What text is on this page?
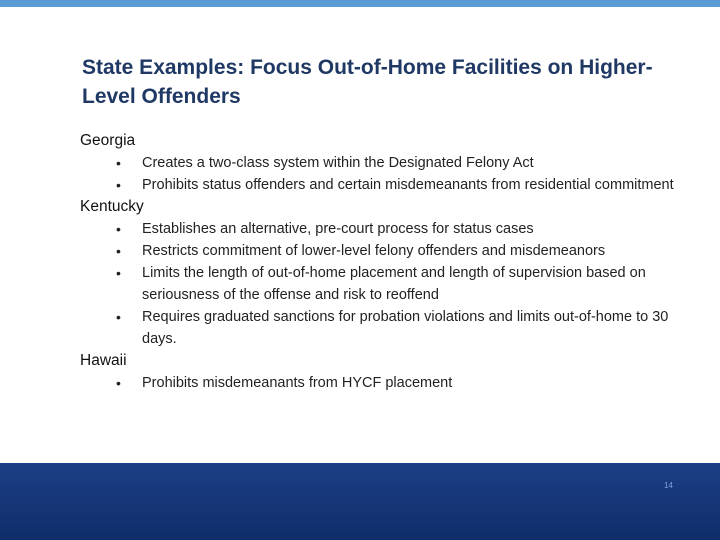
State Examples: Focus Out-of-Home Facilities on Higher-Level Offenders
Georgia
• Creates a two-class system within the Designated Felony Act
• Prohibits status offenders and certain misdemeanants from residential commitment
Kentucky
• Establishes an alternative, pre-court process for status cases
• Restricts commitment of lower-level felony offenders and misdemeanors
• Limits the length of out-of-home placement and length of supervision based on seriousness of the offense and risk to reoffend
• Requires graduated sanctions for probation violations and limits out-of-home to 30 days.
Hawaii
• Prohibits misdemeanants from HYCF placement
14
